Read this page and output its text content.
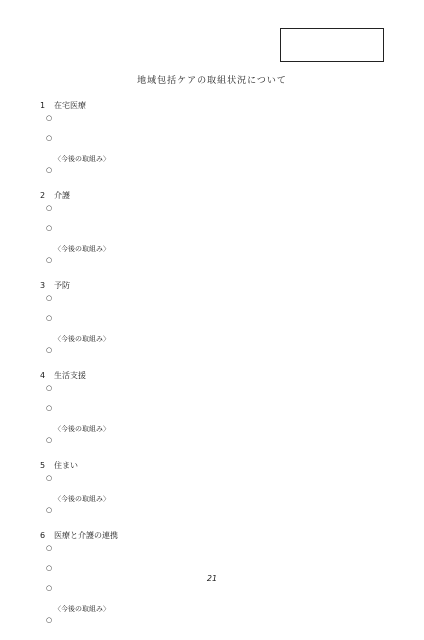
地域包括ケアの取組状況について
1 在宅医療
○
○
〈今後の取組み〉
○
2 介護
○
○
〈今後の取組み〉
○
3 予防
○
○
〈今後の取組み〉
○
4 生活支援
○
○
〈今後の取組み〉
○
5 住まい
○
〈今後の取組み〉
○
6 医療と介護の連携
○
○
○
〈今後の取組み〉
○
21
